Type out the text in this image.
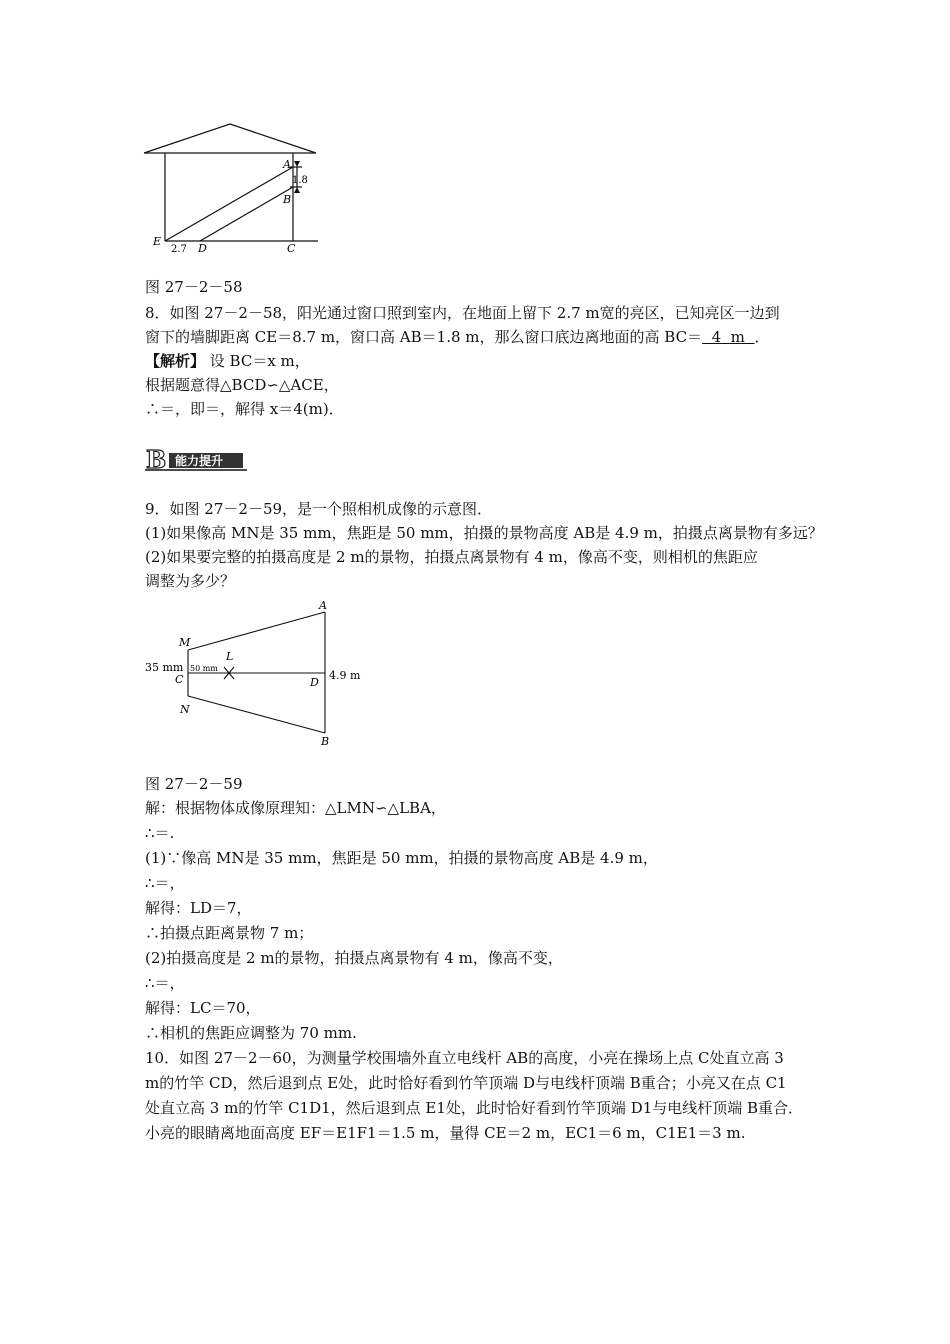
A
1.8
B
E
2.7 D	C
图 27－2－58
8．如图 27－2－58，阳光通过窗口照到室内，在地面上留下 2.7 m宽的亮区，已知亮区一边到
窗下的墙脚距离 CE＝8.7 m，窗口高 AB＝1.8 m，那么窗口底边离地面的高 BC＝  4  m  ．
【解析】 设 BC＝x m，
根据题意得△BCD∽△ACE，
∴＝，即＝，解得 x＝4(m)．
B 能力提升
9．如图 27－2－59，是一个照相机成像的示意图．
(1)如果像高 MN是 35 mm，焦距是 50 mm，拍摄的景物高度 AB是 4.9 m，拍摄点离景物有多远？
(2)如果要完整的拍摄高度是 2 m的景物，拍摄点离景物有 4 m，像高不变，则相机的焦距应
调整为多少？
A
M
L
35 mm 50 mm
C	D
4.9 m
N
B
图 27－2－59
解：根据物体成像原理知：△LMN∽△LBA，
∴＝.
(1)∵像高 MN是 35 mm，焦距是 50 mm，拍摄的景物高度 AB是 4.9 m，
∴＝，
解得：LD＝7，
∴拍摄点距离景物 7 m；
(2)拍摄高度是 2 m的景物，拍摄点离景物有 4 m，像高不变，
∴＝，
解得：LC＝70，
∴相机的焦距应调整为 70 mm.
10．如图 27－2－60，为测量学校围墙外直立电线杆 AB的高度，小亮在操场上点 C处直立高 3
m的竹竿 CD，然后退到点 E处，此时恰好看到竹竿顶端 D与电线杆顶端 B重合；小亮又在点 C1
处直立高 3 m的竹竿 C1D1，然后退到点 E1处，此时恰好看到竹竿顶端 D1与电线杆顶端 B重合．
小亮的眼睛离地面高度 EF＝E1F1＝1.5 m，量得 CE＝2 m，EC1＝6 m，C1E1＝3 m.
